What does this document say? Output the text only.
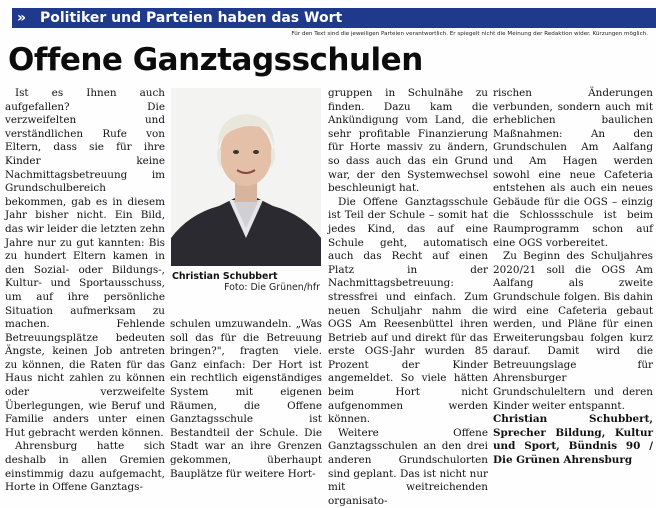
» Politiker und Parteien haben das Wort
Für den Text sind die jeweiligen Parteien verantwortlich. Er spiegelt nicht die Meinung der Redaktion wider. Kürzungen möglich.
Offene Ganztagsschulen

Ist es Ihnen auch aufgefallen? Die verzweifelten und verständlichen Rufe von Eltern, dass sie für ihre Kinder keine Nachmittagsbetreuung im Grundschulbereich bekommen, gab es in diesem Jahr bisher nicht. Ein Bild, das wir leider die letzten zehn Jahre nur zu gut kannten: Bis zu hundert Eltern kamen in den Sozial- oder Bildungs-, Kultur- und Sportausschuss, um auf ihre persönliche Situation aufmerksam zu machen. Fehlende Betreuungsplätze bedeuten Ängste, keinen Job antreten zu können, die Raten für das Haus nicht zahlen zu können oder verzweifelte Überlegungen, wie Beruf und Familie anders unter einen Hut gebracht werden können.

Ahrensburg hatte sich deshalb in allen Gremien einstimmig dazu aufgemacht, Horte in Offene Ganztags-

Christian Schubbert
Foto: Die Grünen/hfr

schulen umzuwandeln. „Was soll das für die Betreuung bringen?", fragten viele. Ganz einfach: Der Hort ist ein rechtlich eigenständiges System mit eigenen Räumen, die Offene Ganztagsschule ist Bestandteil der Schule. Die Stadt war an ihre Grenzen gekommen, überhaupt Bauplätze für weitere Hort-

gruppen in Schulnähe zu finden. Dazu kam die Ankündigung vom Land, die sehr profitable Finanzierung für Horte massiv zu ändern, so dass auch das ein Grund war, der den Systemwechsel beschleunigt hat.

Die Offene Ganztagsschule ist Teil der Schule – somit hat jedes Kind, das auf eine Schule geht, automatisch auch das Recht auf einen Platz in der Nachmittagsbetreuung: stressfrei und einfach. Zum neuen Schuljahr nahm die OGS Am Reesenbüttel ihren Betrieb auf und direkt für das erste OGS-Jahr wurden 85 Prozent der Kinder angemeldet. So viele hätten beim Hort nicht aufgenommen werden können.

Weitere Offene Ganztagsschulen an den drei anderen Grundschulorten sind geplant. Das ist nicht nur mit weitreichenden organisato-

rischen Änderungen verbunden, sondern auch mit erheblichen baulichen Maßnahmen: An den Grundschulen Am Aalfang und Am Hagen werden sowohl eine neue Cafeteria entstehen als auch ein neues Gebäude für die OGS – einzig die Schlossschule ist beim Raumprogramm schon auf eine OGS vorbereitet.

Zu Beginn des Schuljahres 2020/21 soll die OGS Am Aalfang als zweite Grundschule folgen. Bis dahin wird eine Cafeteria gebaut werden, und Pläne für einen Erweiterungsbau folgen kurz darauf. Damit wird die Betreuungslage für Ahrensburger Grundschuleltern und deren Kinder weiter entspannt.

Christian Schubbert, Sprecher Bildung, Kultur und Sport, Bündnis 90 / Die Grünen Ahrensburg
